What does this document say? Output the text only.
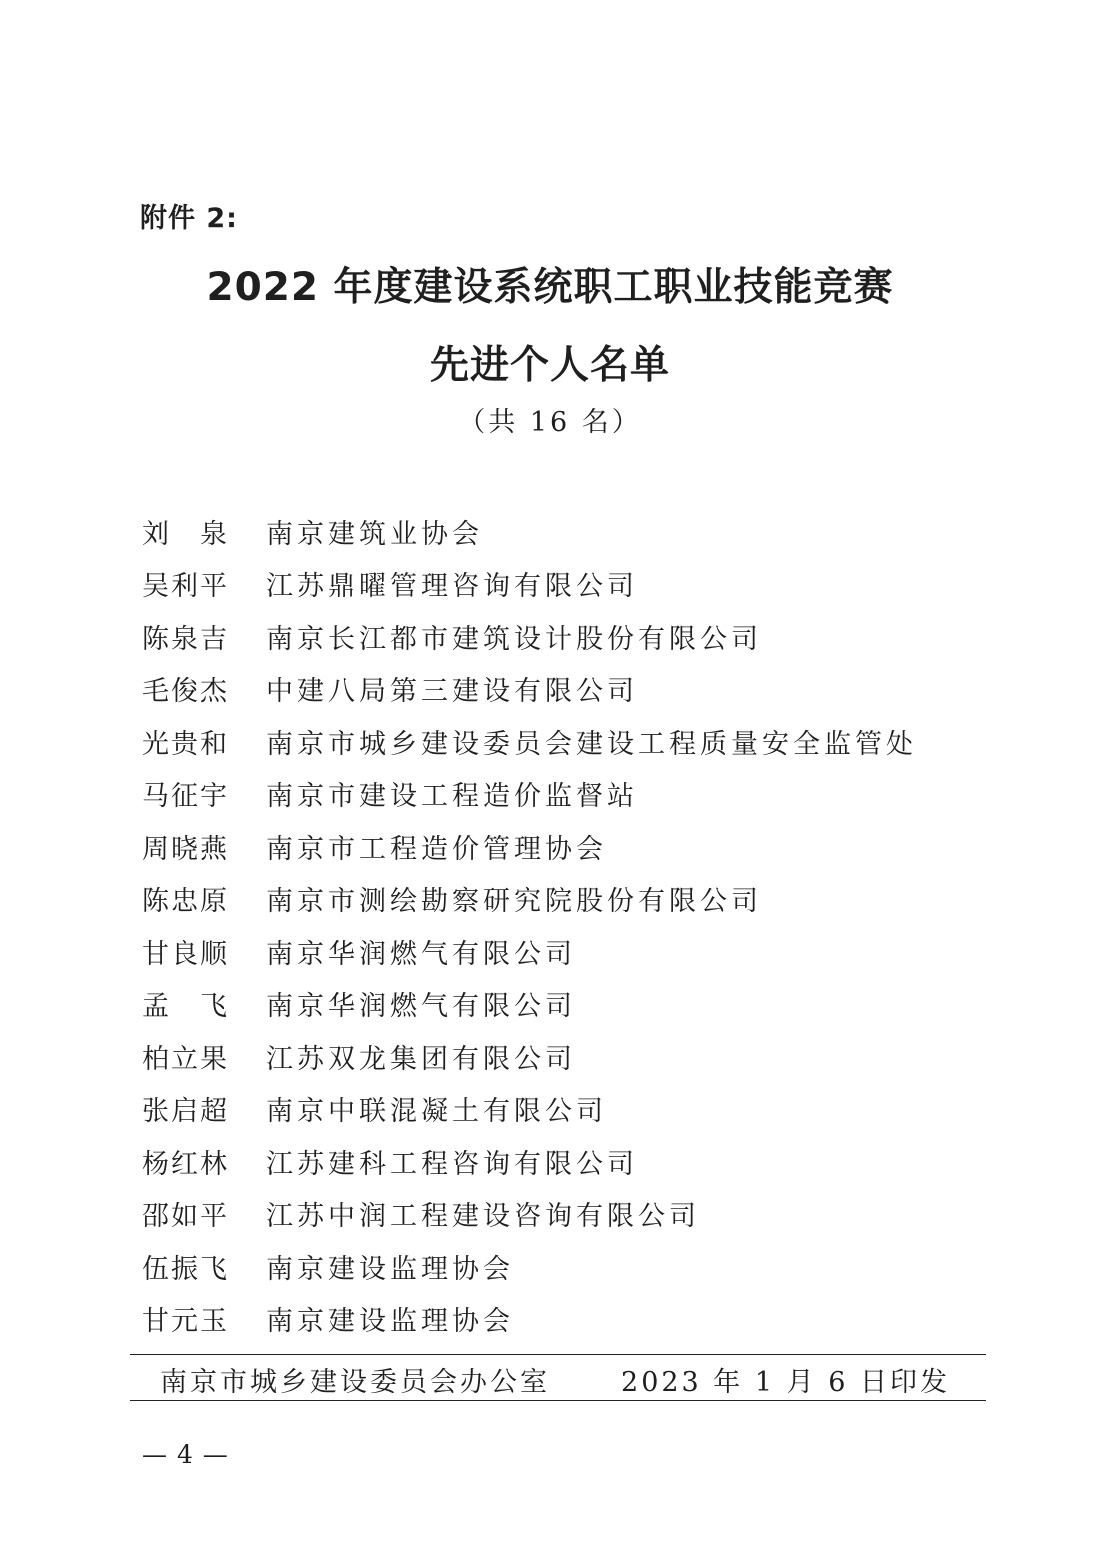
附件 2:
2022 年度建设系统职工职业技能竞赛
先进个人名单
（共 16 名）
刘　泉 南京建筑业协会
吴利平 江苏鼎曜管理咨询有限公司
陈泉吉 南京长江都市建筑设计股份有限公司
毛俊杰 中建八局第三建设有限公司
光贵和 南京市城乡建设委员会建设工程质量安全监管处
马征宇 南京市建设工程造价监督站
周晓燕 南京市工程造价管理协会
陈忠原 南京市测绘勘察研究院股份有限公司
甘良顺 南京华润燃气有限公司
孟　飞 南京华润燃气有限公司
柏立果 江苏双龙集团有限公司
张启超 南京中联混凝土有限公司
杨红林 江苏建科工程咨询有限公司
邵如平 江苏中润工程建设咨询有限公司
伍振飞 南京建设监理协会
甘元玉 南京建设监理协会
南京市城乡建设委员会办公室	2023 年 1 月 6 日印发
— 4 —
